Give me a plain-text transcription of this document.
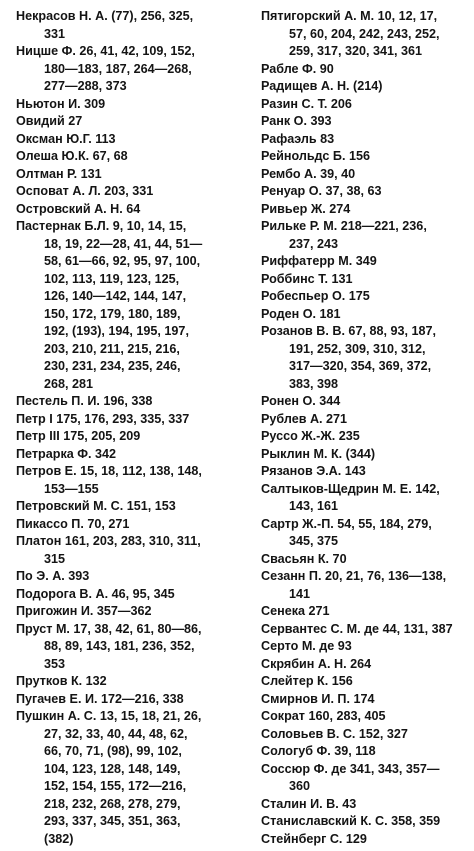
Некрасов Н. А. (77), 256, 325,
331
Ницше Ф. 26, 41, 42, 109, 152,
180—183, 187, 264—268,
277—288, 373
Ньютон И. 309
Овидий 27
Оксман Ю.Г. 113
Олеша Ю.К. 67, 68
Олтман Р. 131
Осповат А. Л. 203, 331
Островский А. Н. 64
Пастернак Б.Л. 9, 10, 14, 15,
18, 19, 22—28, 41, 44, 51—
58, 61—66, 92, 95, 97, 100,
102, 113, 119, 123, 125,
126, 140—142, 144, 147,
150, 172, 179, 180, 189,
192, (193), 194, 195, 197,
203, 210, 211, 215, 216,
230, 231, 234, 235, 246,
268, 281
Пестель П. И. 196, 338
Петр I 175, 176, 293, 335, 337
Петр III 175, 205, 209
Петрарка Ф. 342
Петров Е. 15, 18, 112, 138, 148,
153—155
Петровский М. С. 151, 153
Пикассо П. 70, 271
Платон 161, 203, 283, 310, 311,
315
По Э. А. 393
Подорога В. А. 46, 95, 345
Пригожин И. 357—362
Пруст М. 17, 38, 42, 61, 80—86,
88, 89, 143, 181, 236, 352,
353
Прутков К. 132
Пугачев Е. И. 172—216, 338
Пушкин А. С. 13, 15, 18, 21, 26,
27, 32, 33, 40, 44, 48, 62,
66, 70, 71, (98), 99, 102,
104, 123, 128, 148, 149,
152, 154, 155, 172—216,
218, 232, 268, 278, 279,
293, 337, 345, 351, 363,
(382)
Пятигорский А. М. 10, 12, 17,
57, 60, 204, 242, 243, 252,
259, 317, 320, 341, 361
Рабле Ф. 90
Радищев А. Н. (214)
Разин С. Т. 206
Ранк О. 393
Рафаэль 83
Рейнольдс Б. 156
Рембо А. 39, 40
Ренуар О. 37, 38, 63
Ривьер Ж. 274
Рильке Р. М. 218—221, 236,
237, 243
Риффатерр М. 349
Роббинс Т. 131
Робеспьер О. 175
Роден О. 181
Розанов В. В. 67, 88, 93, 187,
191, 252, 309, 310, 312,
317—320, 354, 369, 372,
383, 398
Ронен О. 344
Рублев А. 271
Руссо Ж.-Ж. 235
Рыклин М. К. (344)
Рязанов Э.А. 143
Салтыков-Щедрин М. Е. 142,
143, 161
Сартр Ж.-П. 54, 55, 184, 279,
345, 375
Свасьян К. 70
Сезанн П. 20, 21, 76, 136—138,
141
Сенека 271
Сервантес С. М. де 44, 131, 387
Серто М. де 93
Скрябин А. Н. 264
Слейтер К. 156
Смирнов И. П. 174
Сократ 160, 283, 405
Соловьев В. С. 152, 327
Сологуб Ф. 39, 118
Соссюр Ф. де 341, 343, 357—
360
Сталин И. В. 43
Станиславский К. С. 358, 359
Стейнберг С. 129
